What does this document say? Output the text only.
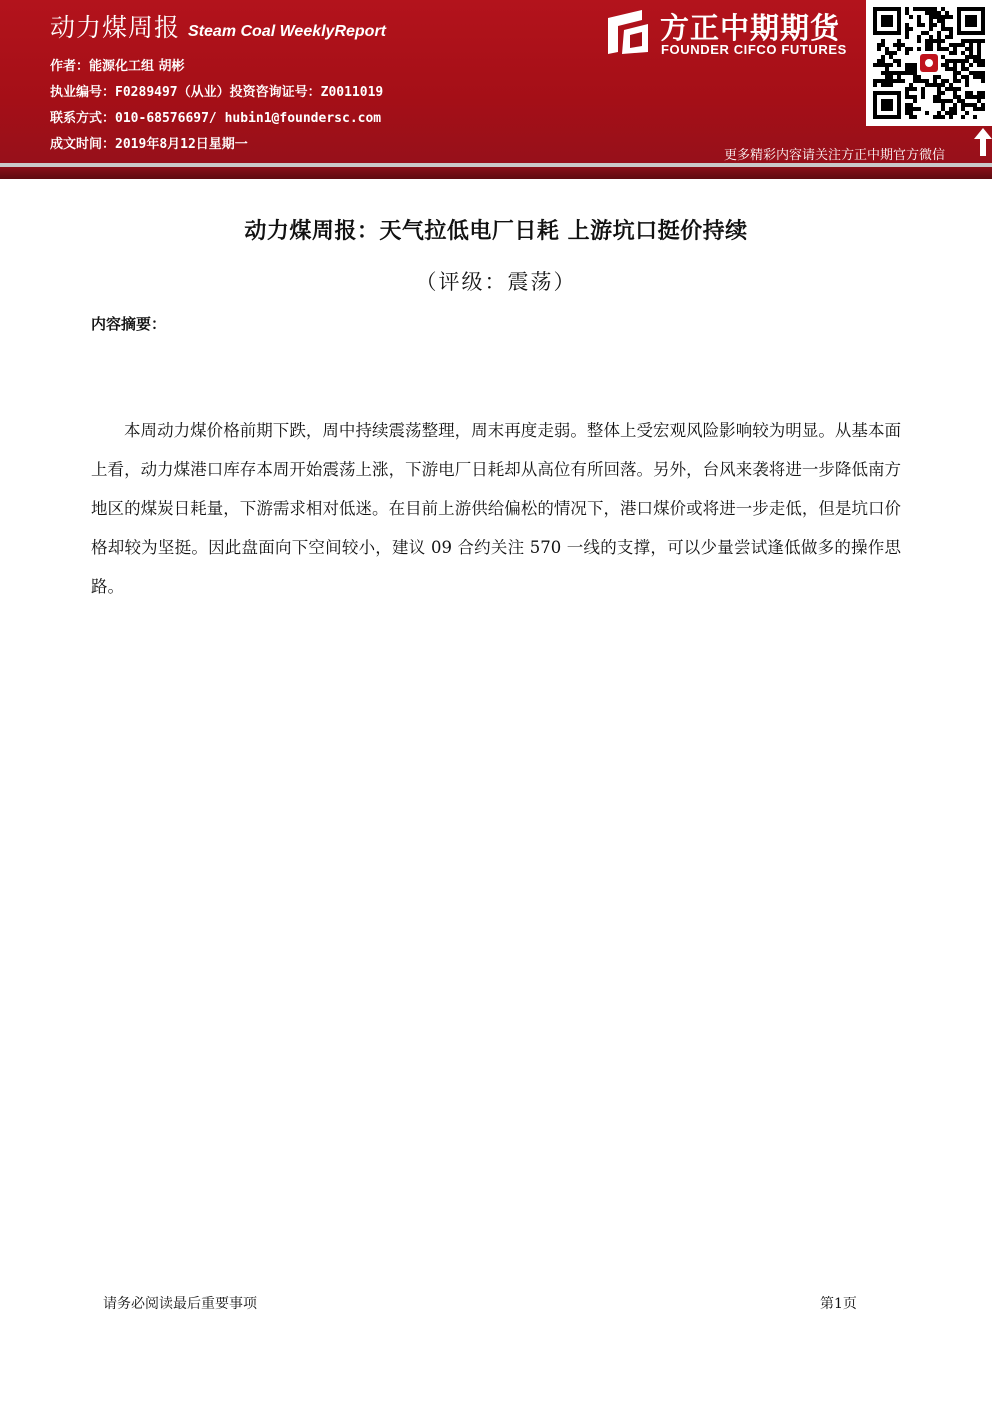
动力煤周报 Steam Coal WeeklyReport
作者：能源化工组 胡彬
执业编号：F0289497（从业）投资咨询证号：Z0011019
联系方式：010-68576697/ hubin1@foundersc.com
成文时间：2019年8月12日星期一
方正中期期货
FOUNDER CIFCO FUTURES
更多精彩内容请关注方正中期官方微信
动力煤周报：天气拉低电厂日耗 上游坑口挺价持续
（评级：震荡）
内容摘要：

本周动力煤价格前期下跌，周中持续震荡整理，周末再度走弱。整体上受宏观风险影响较为明显。从基本面上看，动力煤港口库存本周开始震荡上涨，下游电厂日耗却从高位有所回落。另外，台风来袭将进一步降低南方地区的煤炭日耗量，下游需求相对低迷。在目前上游供给偏松的情况下，港口煤价或将进一步走低，但是坑口价格却较为坚挺。因此盘面向下空间较小，建议 09 合约关注 570 一线的支撑，可以少量尝试逢低做多的操作思路。

请务必阅读最后重要事项	第1页
